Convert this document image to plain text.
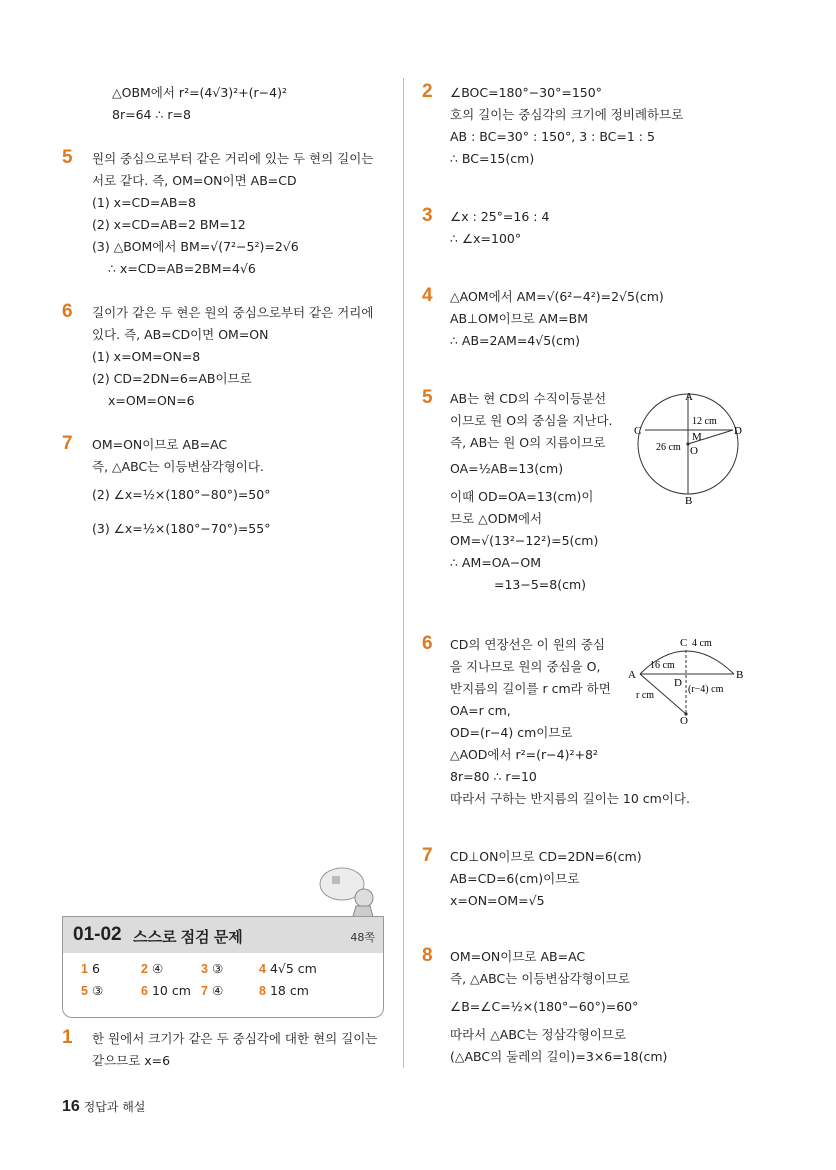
△OBM에서 r²=(4√3)²+(r−4)²
8r=64 ∴ r=8
5 원의 중심으로부터 같은 거리에 있는 두 현의 길이는
서로 같다. 즉, OM=ON이면 AB=CD
(1) x=CD=AB=8
(2) x=CD=AB=2 BM=12
(3) △BOM에서 BM=√(7²−5²)=2√6
∴ x=CD=AB=2BM=4√6
6 길이가 같은 두 현은 원의 중심으로부터 같은 거리에
있다. 즉, AB=CD이면 OM=ON
(1) x=OM=ON=8
(2) CD=2DN=6=AB이므로
x=OM=ON=6
7 OM=ON이므로 AB=AC
즉, △ABC는 이등변삼각형이다.
(2) ∠x=½×(180°−80°)=50°
(3) ∠x=½×(180°−70°)=55°
01-02 스스로 점검 문제	48쪽
1 6	2 ④	3 ③	4 4√5 cm
5 ③	6 10 cm 7 ④	8 18 cm
1 한 원에서 크기가 같은 두 중심각에 대한 현의 길이는
같으므로 x=6
2 ∠BOC=180°−30°=150°
호의 길이는 중심각의 크기에 정비례하므로
AB : BC=30° : 150°, 3 : BC=1 : 5
∴ BC=15(cm)
3 ∠x : 25°=16 : 4
∴ ∠x=100°
4 △AOM에서 AM=√(6²−4²)=2√5(cm)
AB⊥OM이므로 AM=BM
∴ AB=2AM=4√5(cm)
5 AB는 현 CD의 수직이등분선
이므로 원 O의 중심을 지난다.
즉, AB는 원 O의 지름이므로
OA=½AB=13(cm)
이때 OD=OA=13(cm)이
므로 △ODM에서
OM=√(13²−12²)=5(cm)
∴ AM=OA−OM
=13−5=8(cm)
A
B
C	D
M
O
12 cm
26 cm
6 CD의 연장선은 이 원의 중심
을 지나므로 원의 중심을 O,
반지름의 길이를 r cm라 하면
OA=r cm,
OD=(r−4) cm이므로
△AOD에서 r²=(r−4)²+8²
8r=80 ∴ r=10
따라서 구하는 반지름의 길이는 10 cm이다.
A	B
C
D
O
4 cm
16 cm
r cm
(r−4) cm
7 CD⊥ON이므로 CD=2DN=6(cm)
AB=CD=6(cm)이므로
x=ON=OM=√5
8 OM=ON이므로 AB=AC
즉, △ABC는 이등변삼각형이므로
∠B=∠C=½×(180°−60°)=60°
따라서 △ABC는 정삼각형이므로
(△ABC의 둘레의 길이)=3×6=18(cm)
16 정답과 해설
